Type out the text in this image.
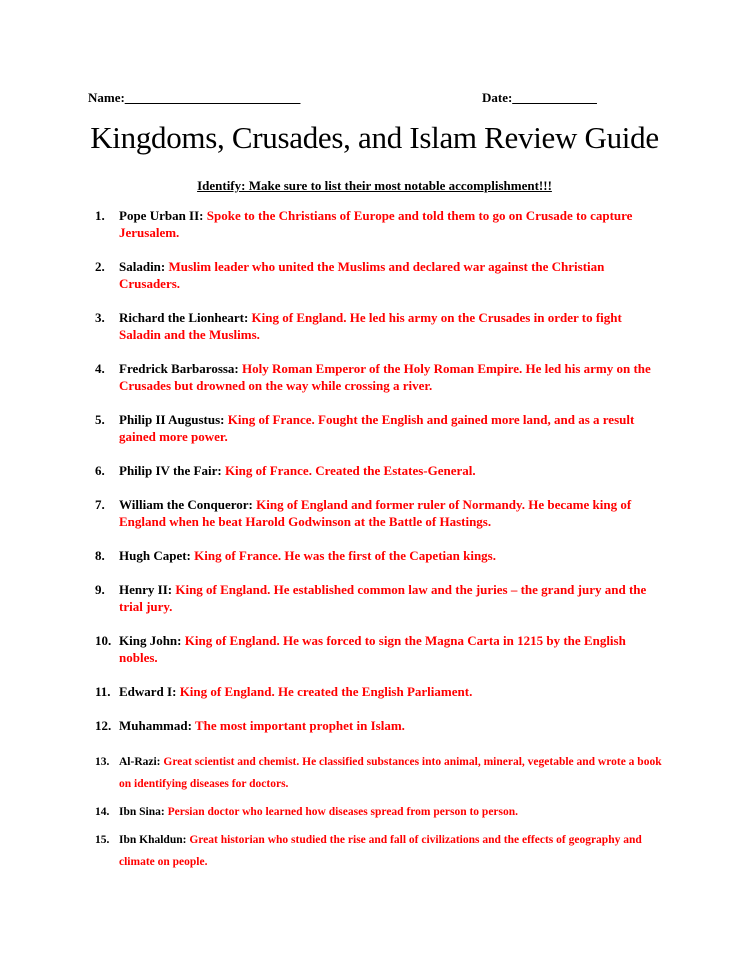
Name:___________________________	Date:_____________
Kingdoms, Crusades, and Islam Review Guide
Identify: Make sure to list their most notable accomplishment!!!
1. Pope Urban II: Spoke to the Christians of Europe and told them to go on Crusade to capture Jerusalem.
2. Saladin: Muslim leader who united the Muslims and declared war against the Christian Crusaders.
3. Richard the Lionheart: King of England. He led his army on the Crusades in order to fight Saladin and the Muslims.
4. Fredrick Barbarossa: Holy Roman Emperor of the Holy Roman Empire. He led his army on the Crusades but drowned on the way while crossing a river.
5. Philip II Augustus: King of France. Fought the English and gained more land, and as a result gained more power.
6. Philip IV the Fair: King of France. Created the Estates-General.
7. William the Conqueror: King of England and former ruler of Normandy. He became king of England when he beat Harold Godwinson at the Battle of Hastings.
8. Hugh Capet: King of France. He was the first of the Capetian kings.
9. Henry II: King of England. He established common law and the juries – the grand jury and the trial jury.
10. King John: King of England. He was forced to sign the Magna Carta in 1215 by the English nobles.
11. Edward I: King of England. He created the English Parliament.
12. Muhammad: The most important prophet in Islam.
13. Al-Razi: Great scientist and chemist. He classified substances into animal, mineral, vegetable and wrote a book on identifying diseases for doctors.
14. Ibn Sina: Persian doctor who learned how diseases spread from person to person.
15. Ibn Khaldun: Great historian who studied the rise and fall of civilizations and the effects of geography and climate on people.
